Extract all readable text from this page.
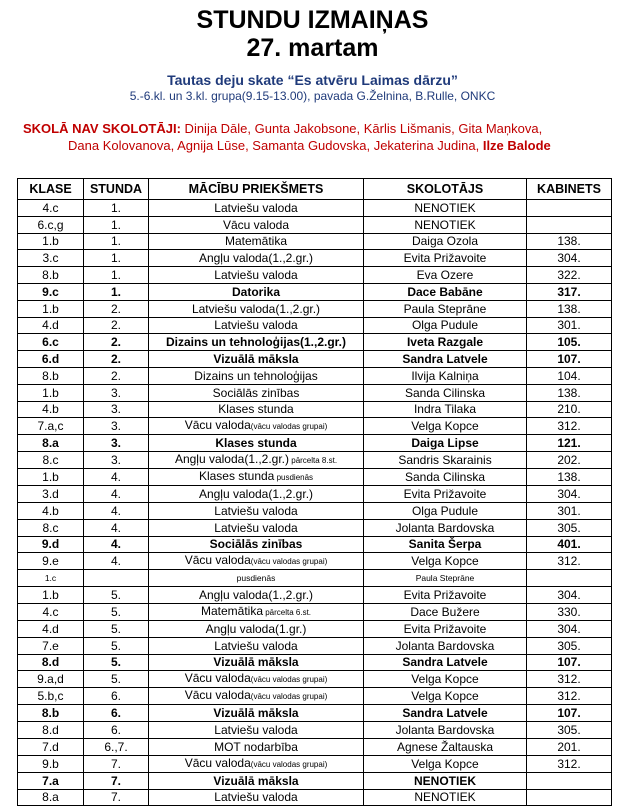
STUNDU IZMAIŅAS
27. martam
Tautas deju skate “Es atvēru Laimas dārzu”
5.-6.kl. un 3.kl. grupa(9.15-13.00), pavada G.Želnina, B.Rulle, ONKC
SKOLĀ NAV SKOLOTĀJI: Dinija Dāle, Gunta Jakobsone, Kārlis Lišmanis, Gita Maņkova,
Dana Kolovanova, Agnija Lūse, Samanta Gudovska, Jekaterina Judina, Ilze Balode
KLASE	STUNDA	MĀCĪBU PRIEKŠMETS	SKOLOTĀJS	KABINETS
4.c	1.	Latviešu valoda	NENOTIEK	
6.c,g	1.	Vācu valoda	NENOTIEK	
1.b	1.	Matemātika	Daiga Ozola	138.
3.c	1.	Angļu valoda(1.,2.gr.)	Evita Prižavoite	304.
8.b	1.	Latviešu valoda	Eva Ozere	322.
9.c	1.	Datorika	Dace Babāne	317.
1.b	2.	Latviešu valoda(1.,2.gr.)	Paula Steprāne	138.
4.d	2.	Latviešu valoda	Olga Pudule	301.
6.c	2.	Dizains un tehnoloģijas(1.,2.gr.)	Iveta Razgale	105.
6.d	2.	Vizuālā māksla	Sandra Latvele	107.
8.b	2.	Dizains un tehnoloģijas	Ilvija Kalniņa	104.
1.b	3.	Sociālās zinības	Sanda Cilinska	138.
4.b	3.	Klases stunda	Indra Tilaka	210.
7.a,c	3.	Vācu valoda(vācu valodas grupai)	Velga Kopce	312.
8.a	3.	Klases stunda	Daiga Lipse	121.
8.c	3.	Angļu valoda(1.,2.gr.) pārcelta 8.st.	Sandris Skarainis	202.
1.b	4.	Klases stunda pusdienās	Sanda Cilinska	138.
3.d	4.	Angļu valoda(1.,2.gr.)	Evita Prižavoite	304.
4.b	4.	Latviešu valoda	Olga Pudule	301.
8.c	4.	Latviešu valoda	Jolanta Bardovska	305.
9.d	4.	Sociālās zinības	Sanita Šerpa	401.
9.e	4.	Vācu valoda(vācu valodas grupai)	Velga Kopce	312.
1.c		pusdienās	Paula Steprāne	
1.b	5.	Angļu valoda(1.,2.gr.)	Evita Prižavoite	304.
4.c	5.	Matemātika pārcelta 6.st.	Dace Bužere	330.
4.d	5.	Angļu valoda(1.gr.)	Evita Prižavoite	304.
7.e	5.	Latviešu valoda	Jolanta Bardovska	305.
8.d	5.	Vizuālā māksla	Sandra Latvele	107.
9.a,d	5.	Vācu valoda(vācu valodas grupai)	Velga Kopce	312.
5.b,c	6.	Vācu valoda(vācu valodas grupai)	Velga Kopce	312.
8.b	6.	Vizuālā māksla	Sandra Latvele	107.
8.d	6.	Latviešu valoda	Jolanta Bardovska	305.
7.d	6.,7.	MOT nodarbība	Agnese Žaltauska	201.
9.b	7.	Vācu valoda(vācu valodas grupai)	Velga Kopce	312.
7.a	7.	Vizuālā māksla	NENOTIEK	
8.a	7.	Latviešu valoda	NENOTIEK	
